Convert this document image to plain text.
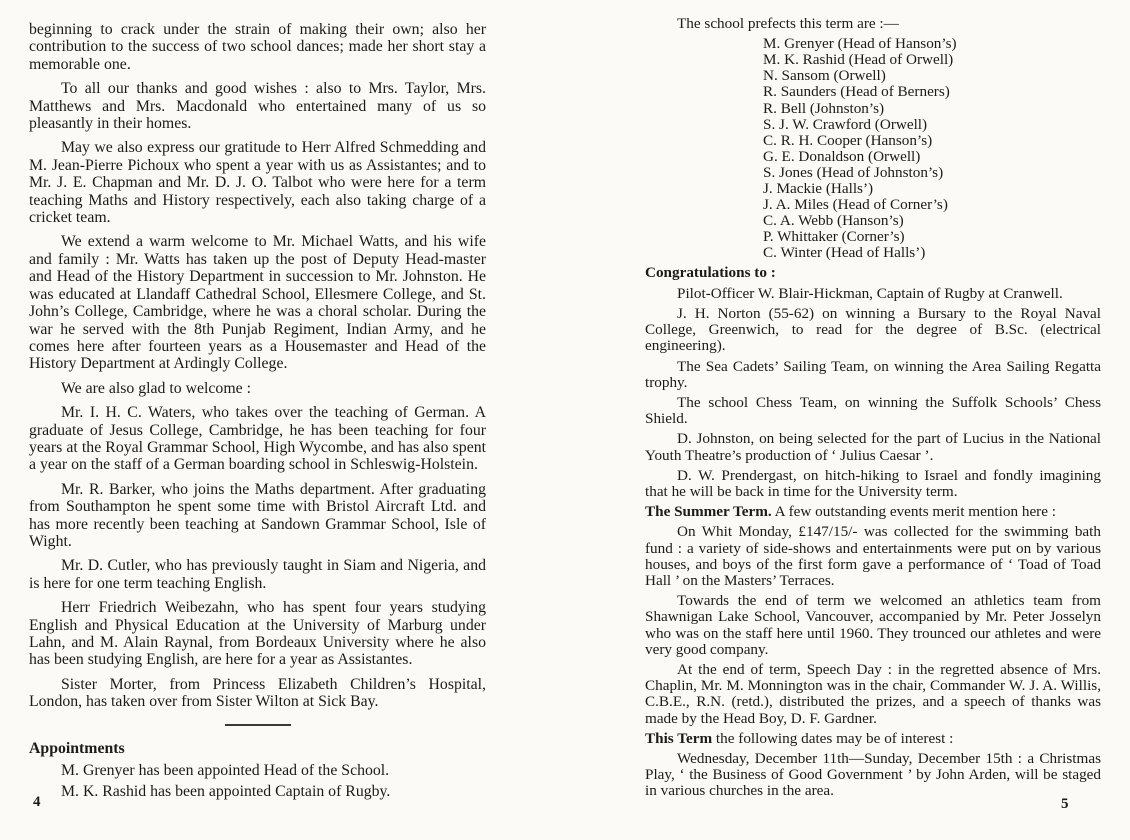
beginning to crack under the strain of making their own; also her contribution to the success of two school dances; made her short stay a memorable one.

To all our thanks and good wishes : also to Mrs. Taylor, Mrs. Matthews and Mrs. Macdonald who entertained many of us so pleasantly in their homes.

May we also express our gratitude to Herr Alfred Schmedding and M. Jean-Pierre Pichoux who spent a year with us as Assistantes; and to Mr. J. E. Chapman and Mr. D. J. O. Talbot who were here for a term teaching Maths and History respectively, each also taking charge of a cricket team.

We extend a warm welcome to Mr. Michael Watts, and his wife and family : Mr. Watts has taken up the post of Deputy Head-master and Head of the History Department in succession to Mr. Johnston. He was educated at Llandaff Cathedral School, Ellesmere College, and St. John’s College, Cambridge, where he was a choral scholar. During the war he served with the 8th Punjab Regiment, Indian Army, and he comes here after fourteen years as a Housemaster and Head of the History Department at Ardingly College.

We are also glad to welcome :

Mr. I. H. C. Waters, who takes over the teaching of German. A graduate of Jesus College, Cambridge, he has been teaching for four years at the Royal Grammar School, High Wycombe, and has also spent a year on the staff of a German boarding school in Schleswig-Holstein.

Mr. R. Barker, who joins the Maths department. After graduating from Southampton he spent some time with Bristol Aircraft Ltd. and has more recently been teaching at Sandown Grammar School, Isle of Wight.

Mr. D. Cutler, who has previously taught in Siam and Nigeria, and is here for one term teaching English.

Herr Friedrich Weibezahn, who has spent four years studying English and Physical Education at the University of Marburg under Lahn, and M. Alain Raynal, from Bordeaux University where he also has been studying English, are here for a year as Assistantes.

Sister Morter, from Princess Elizabeth Children’s Hospital, London, has taken over from Sister Wilton at Sick Bay.

Appointments

M. Grenyer has been appointed Head of the School.

M. K. Rashid has been appointed Captain of Rugby.

4

The school prefects this term are :—

M. Grenyer (Head of Hanson’s)
M. K. Rashid (Head of Orwell)
N. Sansom (Orwell)
R. Saunders (Head of Berners)
R. Bell (Johnston’s)
S. J. W. Crawford (Orwell)
C. R. H. Cooper (Hanson’s)
G. E. Donaldson (Orwell)
S. Jones (Head of Johnston’s)
J. Mackie (Halls’)
J. A. Miles (Head of Corner’s)
C. A. Webb (Hanson’s)
P. Whittaker (Corner’s)
C. Winter (Head of Halls’)
Congratulations to :

Pilot-Officer W. Blair-Hickman, Captain of Rugby at Cranwell.

J. H. Norton (55-62) on winning a Bursary to the Royal Naval College, Greenwich, to read for the degree of B.Sc. (electrical engineering).

The Sea Cadets’ Sailing Team, on winning the Area Sailing Regatta trophy.

The school Chess Team, on winning the Suffolk Schools’ Chess Shield.

D. Johnston, on being selected for the part of Lucius in the National Youth Theatre’s production of ‘ Julius Caesar ’.

D. W. Prendergast, on hitch-hiking to Israel and fondly imagining that he will be back in time for the University term.

The Summer Term. A few outstanding events merit mention here :

On Whit Monday, £147/15/- was collected for the swimming bath fund : a variety of side-shows and entertainments were put on by various houses, and boys of the first form gave a performance of ‘ Toad of Toad Hall ’ on the Masters’ Terraces.

Towards the end of term we welcomed an athletics team from Shawnigan Lake School, Vancouver, accompanied by Mr. Peter Josselyn who was on the staff here until 1960. They trounced our athletes and were very good company.

At the end of term, Speech Day : in the regretted absence of Mrs. Chaplin, Mr. M. Monnington was in the chair, Commander W. J. A. Willis, C.B.E., R.N. (retd.), distributed the prizes, and a speech of thanks was made by the Head Boy, D. F. Gardner.

This Term the following dates may be of interest :

Wednesday, December 11th—Sunday, December 15th : a Christmas Play, ‘ the Business of Good Government ’ by John Arden, will be staged in various churches in the area.

5
